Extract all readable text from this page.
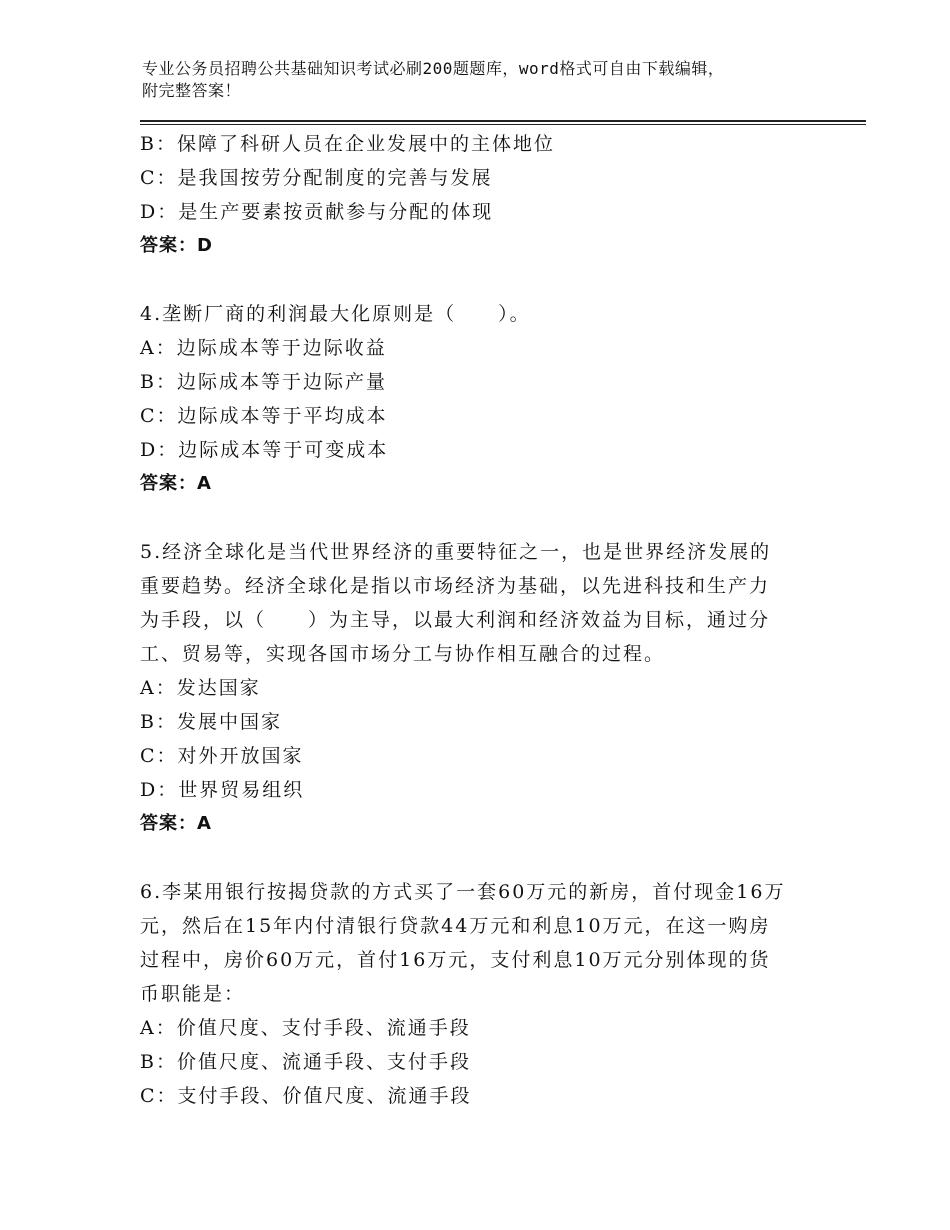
专业公务员招聘公共基础知识考试必刷200题题库，word格式可自由下载编辑，
附完整答案！
B：保障了科研人员在企业发展中的主体地位
C：是我国按劳分配制度的完善与发展
D：是生产要素按贡献参与分配的体现
答案：D
4.垄断厂商的利润最大化原则是（　　）。
A：边际成本等于边际收益
B：边际成本等于边际产量
C：边际成本等于平均成本
D：边际成本等于可变成本
答案：A
5.经济全球化是当代世界经济的重要特征之一，也是世界经济发展的
重要趋势。经济全球化是指以市场经济为基础，以先进科技和生产力
为手段，以（　　）为主导，以最大利润和经济效益为目标，通过分
工、贸易等，实现各国市场分工与协作相互融合的过程。
A：发达国家
B：发展中国家
C：对外开放国家
D：世界贸易组织
答案：A
6.李某用银行按揭贷款的方式买了一套60万元的新房，首付现金16万
元，然后在15年内付清银行贷款44万元和利息10万元，在这一购房
过程中，房价60万元，首付16万元，支付利息10万元分别体现的货
币职能是：
A：价值尺度、支付手段、流通手段
B：价值尺度、流通手段、支付手段
C：支付手段、价值尺度、流通手段
